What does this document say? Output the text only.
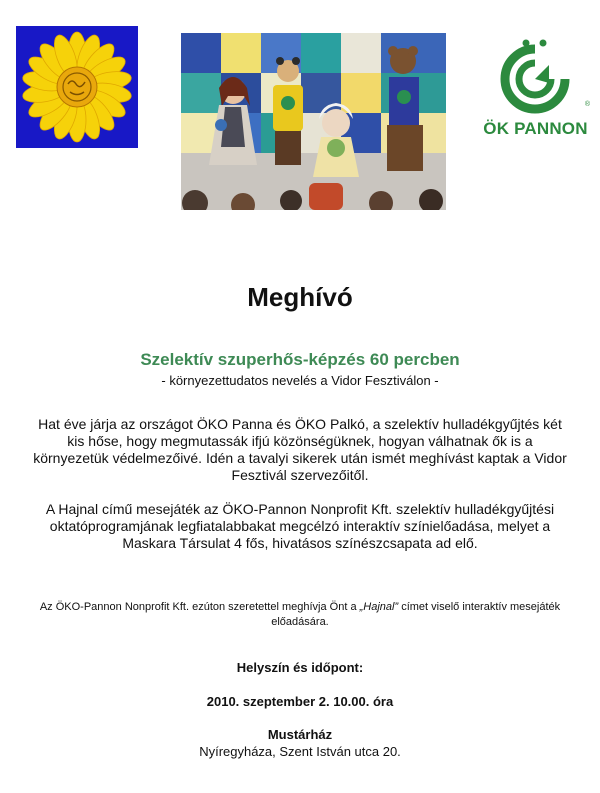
®
ÖK PANNON
Meghívó
Szelektív szuperhős-képzés 60 percben
- környezettudatos nevelés a Vidor Fesztiválon -
Hat éve járja az országot ÖKO Panna és ÖKO Palkó, a szelektív hulladékgyűjtés két kis hőse, hogy megmutassák ifjú közönségüknek, hogyan válhatnak ők is a környezetük védelmezőivé. Idén a tavalyi sikerek után ismét meghívást kaptak a Vidor Fesztivál szervezőitől.
A Hajnal című mesejáték az ÖKO-Pannon Nonprofit Kft. szelektív hulladékgyűjtési oktatóprogramjának legfiatalabbakat megcélzó interaktív színielőadása, melyet a Maskara Társulat 4 fős, hivatásos színészcsapata ad elő.
Az ÖKO-Pannon Nonprofit Kft. ezúton szeretettel meghívja Önt a „Hajnal” címet viselő interaktív mesejáték előadására.
Helyszín és időpont:
2010. szeptember 2. 10.00. óra
Mustárház
Nyíregyháza, Szent István utca 20.
